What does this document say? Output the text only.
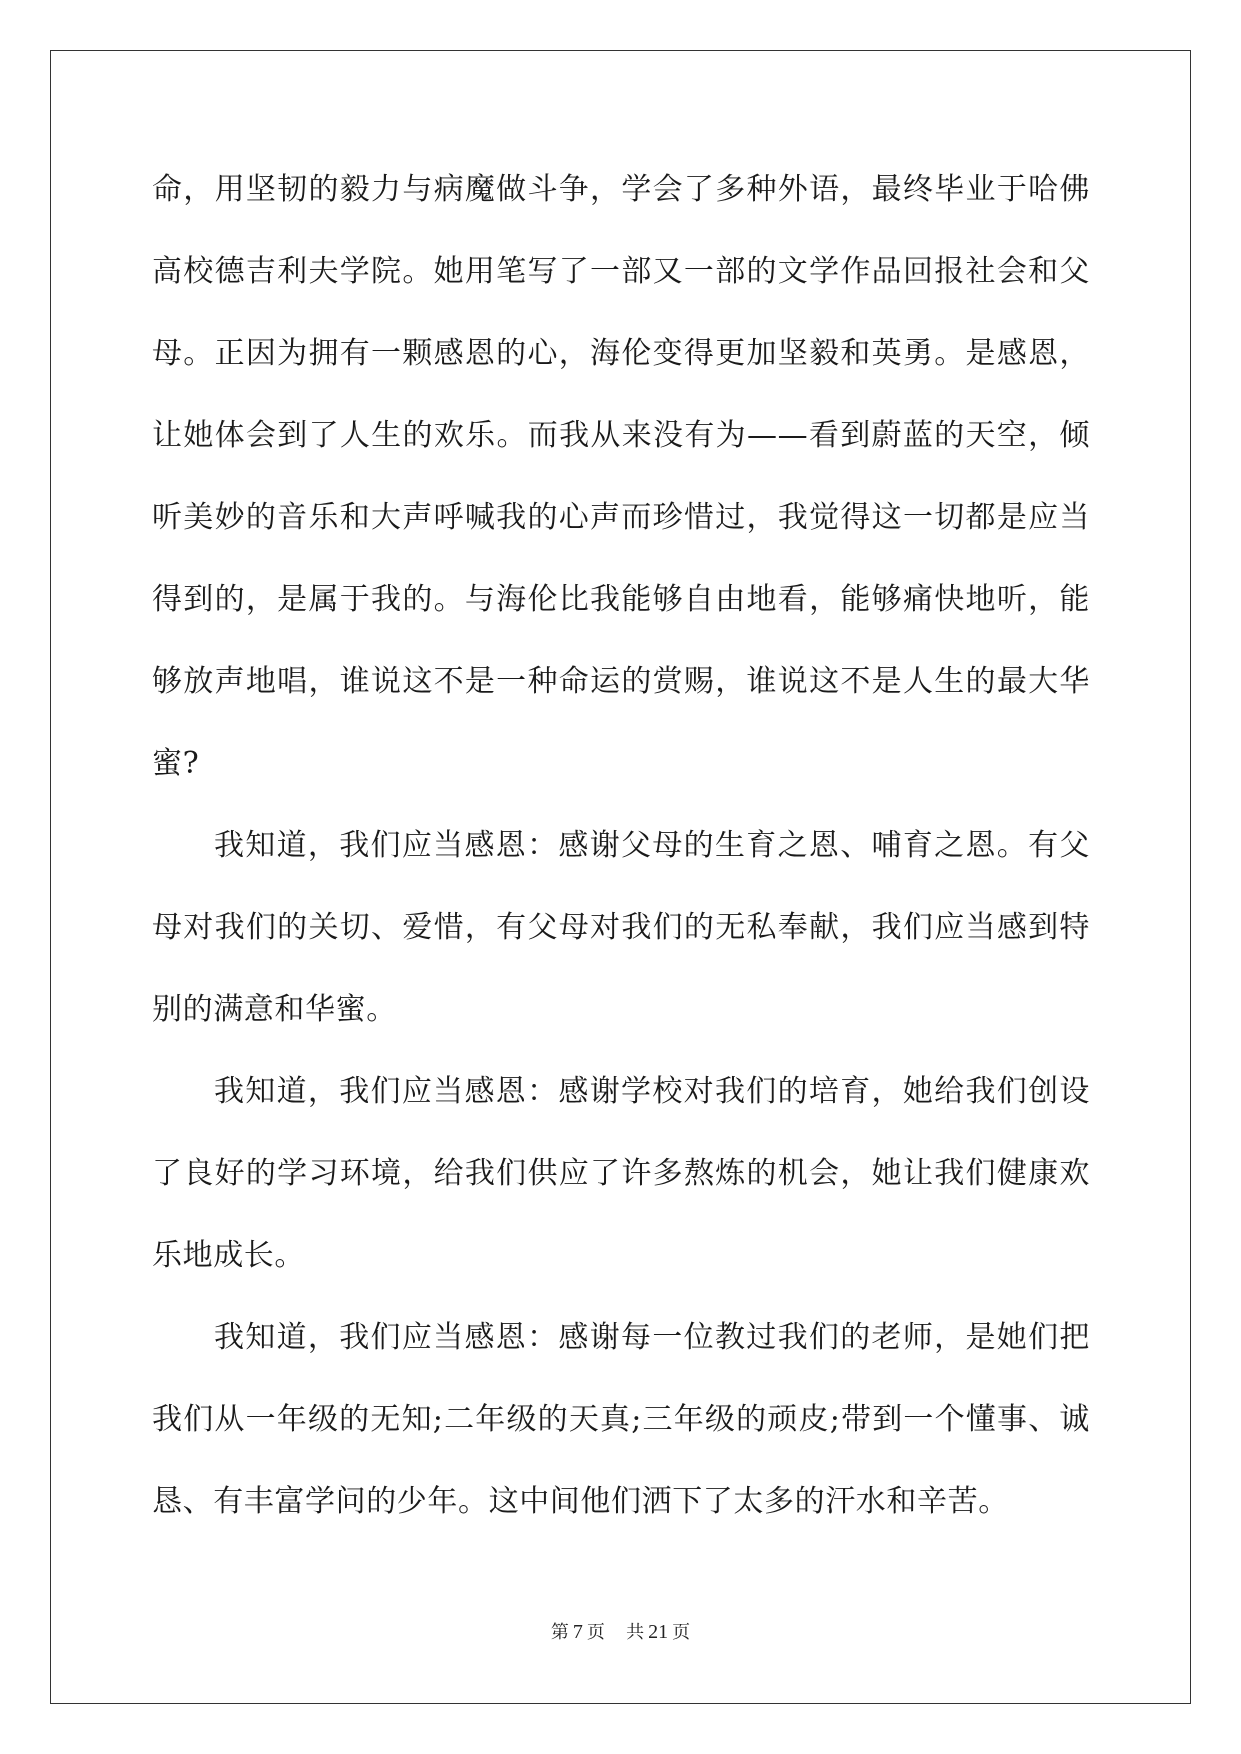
命，用坚韧的毅力与病魔做斗争，学会了多种外语，最终毕业于哈佛
高校德吉利夫学院。她用笔写了一部又一部的文学作品回报社会和父
母。正因为拥有一颗感恩的心，海伦变得更加坚毅和英勇。是感恩，
让她体会到了人生的欢乐。而我从来没有为——看到蔚蓝的天空，倾
听美妙的音乐和大声呼喊我的心声而珍惜过，我觉得这一切都是应当
得到的，是属于我的。与海伦比我能够自由地看，能够痛快地听，能
够放声地唱，谁说这不是一种命运的赏赐，谁说这不是人生的最大华
蜜?
我知道，我们应当感恩：感谢父母的生育之恩、哺育之恩。有父
母对我们的关切、爱惜，有父母对我们的无私奉献，我们应当感到特
别的满意和华蜜。
我知道，我们应当感恩：感谢学校对我们的培育，她给我们创设
了良好的学习环境，给我们供应了许多熬炼的机会，她让我们健康欢
乐地成长。
我知道，我们应当感恩：感谢每一位教过我们的老师，是她们把
我们从一年级的无知;二年级的天真;三年级的顽皮;带到一个懂事、诚
恳、有丰富学问的少年。这中间他们洒下了太多的汗水和辛苦。
第 7 页 共 21 页
